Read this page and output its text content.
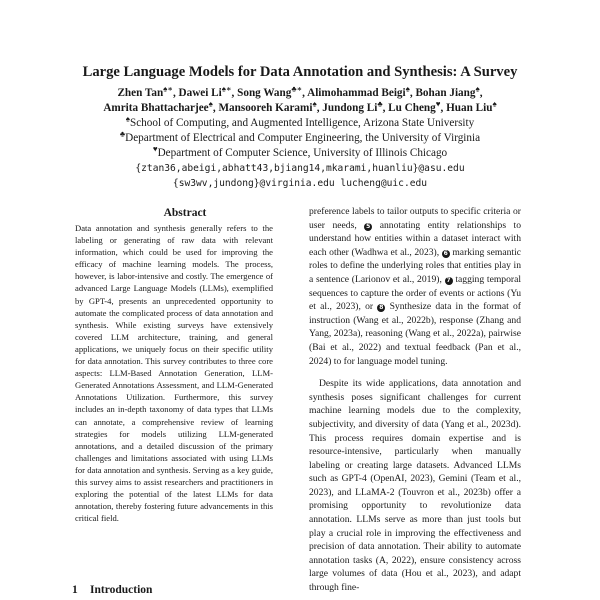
Large Language Models for Data Annotation and Synthesis: A Survey
Zhen Tan♠∗, Dawei Li♠∗, Song Wang♣∗, Alimohammad Beigi♠, Bohan Jiang♠,
Amrita Bhattacharjee♠, Mansooreh Karami♠, Jundong Li♣, Lu Cheng♥, Huan Liu♠
♠School of Computing, and Augmented Intelligence, Arizona State University
♣Department of Electrical and Computer Engineering, the University of Virginia
♥Department of Computer Science, University of Illinois Chicago
{ztan36,abeigi,abhatt43,bjiang14,mkarami,huanliu}@asu.edu
{sw3wv,jundong}@virginia.edu lucheng@uic.edu
Abstract
Data annotation and synthesis generally refers to the labeling or generating of raw data with relevant information, which could be used for improving the efficacy of machine learning models. The process, however, is labor-intensive and costly. The emergence of advanced Large Language Models (LLMs), exemplified by GPT-4, presents an unprecedented opportunity to automate the complicated process of data annotation and synthesis. While existing surveys have extensively covered LLM architecture, training, and general applications, we uniquely focus on their specific utility for data annotation. This survey contributes to three core aspects: LLM-Based Annotation Generation, LLM-Generated Annotations Assessment, and LLM-Generated Annotations Utilization. Furthermore, this survey includes an in-depth taxonomy of data types that LLMs can annotate, a comprehensive review of learning strategies for models utilizing LLM-generated annotations, and a detailed discussion of the primary challenges and limitations associated with using LLMs for data annotation and synthesis. Serving as a key guide, this survey aims to assist researchers and practitioners in exploring the potential of the latest LLMs for data annotation, thereby fostering future advancements in this critical field.

preference labels to tailor outputs to specific criteria or user needs, 5 annotating entity relationships to understand how entities within a dataset interact with each other (Wadhwa et al., 2023), 6 marking semantic roles to define the underlying roles that entities play in a sentence (Larionov et al., 2019), 7 tagging temporal sequences to capture the order of events or actions (Yu et al., 2023), or 8 Synthesize data in the format of instruction (Wang et al., 2022b), response (Zhang and Yang, 2023a), reasoning (Wang et al., 2022a), pairwise (Bai et al., 2022) and textual feedback (Pan et al., 2024) to for language model tuning.

Despite its wide applications, data annotation and synthesis poses significant challenges for current machine learning models due to the complexity, subjectivity, and diversity of data (Yang et al., 2023d). This process requires domain expertise and is resource-intensive, particularly when manually labeling or creating large datasets. Advanced LLMs such as GPT-4 (OpenAI, 2023), Gemini (Team et al., 2023), and LLaMA-2 (Touvron et al., 2023b) offer a promising opportunity to revolutionize data annotation. LLMs serve as more than just tools but play a crucial role in improving the effectiveness and precision of data annotation. Their ability to automate annotation tasks (A, 2022), ensure consistency across large volumes of data (Hou et al., 2023), and adapt through fine-

1 Introduction
